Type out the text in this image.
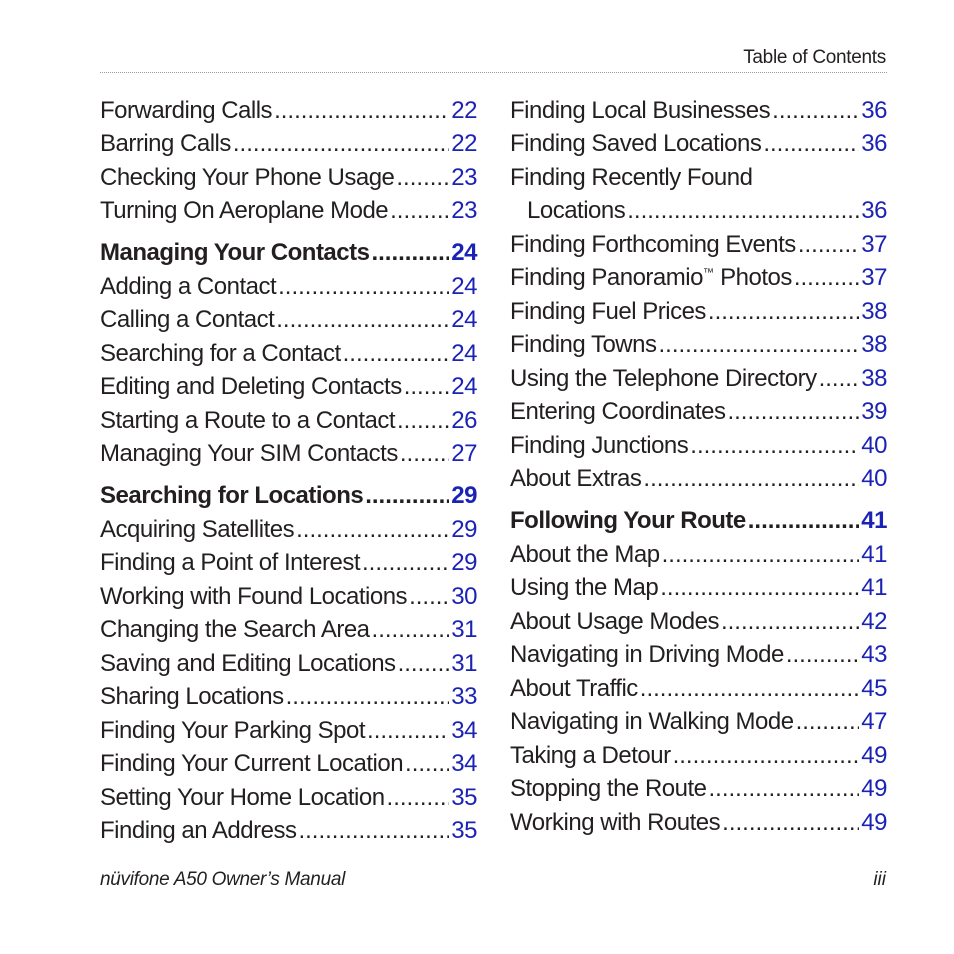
Table of Contents
Forwarding Calls .....	22
Barring Calls .....	22
Checking Your Phone Usage ..... 23
Turning On Aeroplane Mode .....	23
Managing Your Contacts .....	24
Adding a Contact .....	24
Calling a Contact .....	24
Searching for a Contact .....	24
Editing and Deleting Contacts ..... 24
Starting a Route to a Contact ..... 26
Managing Your SIM Contacts ..... 27
Searching for Locations .....	29
Acquiring Satellites .....	29
Finding a Point of Interest .....	29
Working with Found Locations ..... 30
Changing the Search Area .....	31
Saving and Editing Locations ..... 31
Sharing Locations .....	33
Finding Your Parking Spot .....	34
Finding Your Current Location ..... 34
Setting Your Home Location .....	35
Finding an Address .....	35
Finding Local Businesses .....	36
Finding Saved Locations .....	36
Finding Recently Found
Locations .....	36
Finding Forthcoming Events .....	37
Finding Panoramio™ Photos .....	37
Finding Fuel Prices .....	38
Finding Towns .....	38
Using the Telephone Directory ..... 38
Entering Coordinates .....	39
Finding Junctions .....	40
About Extras .....	40
Following Your Route .....	41
About the Map .....	41
Using the Map .....	41
About Usage Modes .....	42
Navigating in Driving Mode .....	43
About Traffic .....	45
Navigating in Walking Mode .....	47
Taking a Detour .....	49
Stopping the Route .....	49
Working with Routes .....	49
nüvifone A50 Owner’s Manual	iii
